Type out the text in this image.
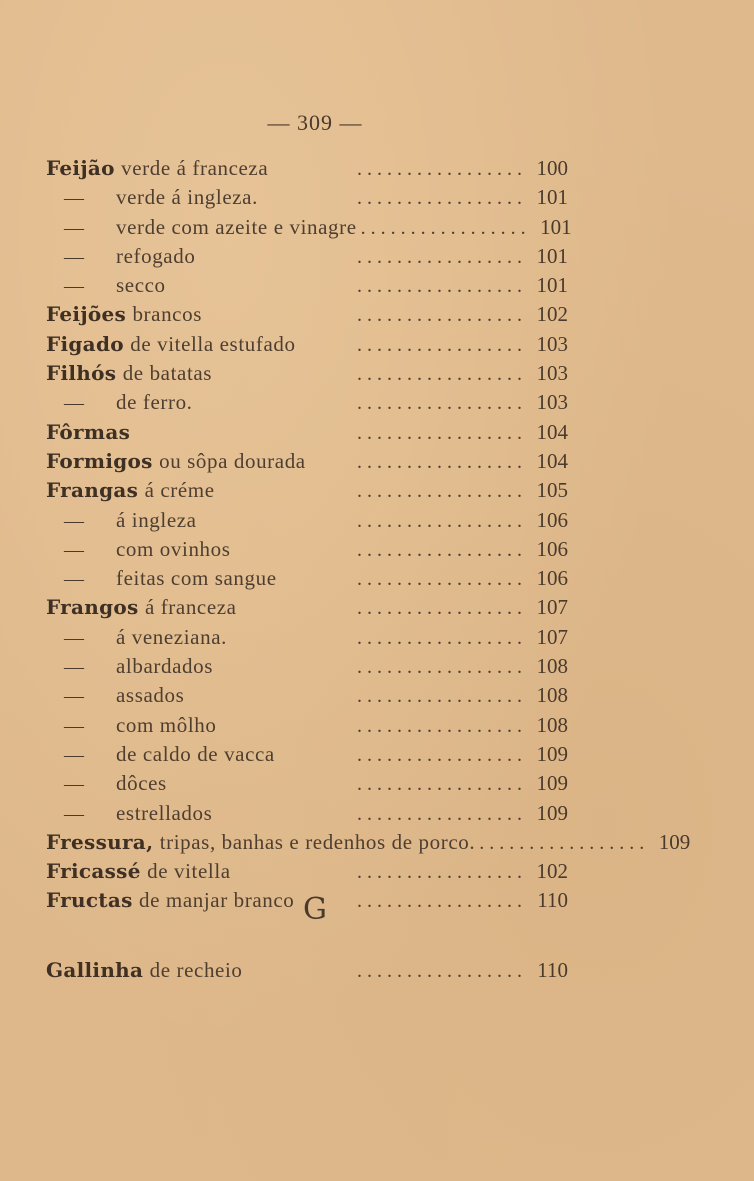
— 309 —
Feijão verde á franceza	. . . . . . . . . . . . . . . . . 100
— verde á ingleza.	. . . . . . . . . . . . . . . . . 101
— verde com azeite e vinagre . . . . . . . . . . . . . . . . . 101
— refogado	. . . . . . . . . . . . . . . . . 101
— secco	. . . . . . . . . . . . . . . . . 101
Feijões brancos	. . . . . . . . . . . . . . . . . 102
Figado de vitella estufado	. . . . . . . . . . . . . . . . . 103
Filhós de batatas	. . . . . . . . . . . . . . . . . 103
— de ferro.	. . . . . . . . . . . . . . . . . 103
Fôrmas	. . . . . . . . . . . . . . . . . 104
Formigos ou sôpa dourada	. . . . . . . . . . . . . . . . . 104
Frangas á créme	. . . . . . . . . . . . . . . . . 105
— á ingleza	. . . . . . . . . . . . . . . . . 106
— com ovinhos	. . . . . . . . . . . . . . . . . 106
— feitas com sangue	. . . . . . . . . . . . . . . . . 106
Frangos á franceza	. . . . . . . . . . . . . . . . . 107
— á veneziana.	. . . . . . . . . . . . . . . . . 107
— albardados	. . . . . . . . . . . . . . . . . 108
— assados	. . . . . . . . . . . . . . . . . 108
— com môlho	. . . . . . . . . . . . . . . . . 108
— de caldo de vacca	. . . . . . . . . . . . . . . . . 109
— dôces	. . . . . . . . . . . . . . . . . 109
— estrellados	. . . . . . . . . . . . . . . . . 109
Fressura, tripas, banhas e redenhos de porco. . . . . . . . . . . . . . . . . . 109
Fricassé de vitella	. . . . . . . . . . . . . . . . . 102
Fructas de manjar branco	. . . . . . . . . . . . . . . . . 110
G
Gallinha de recheio	. . . . . . . . . . . . . . . . . 110
